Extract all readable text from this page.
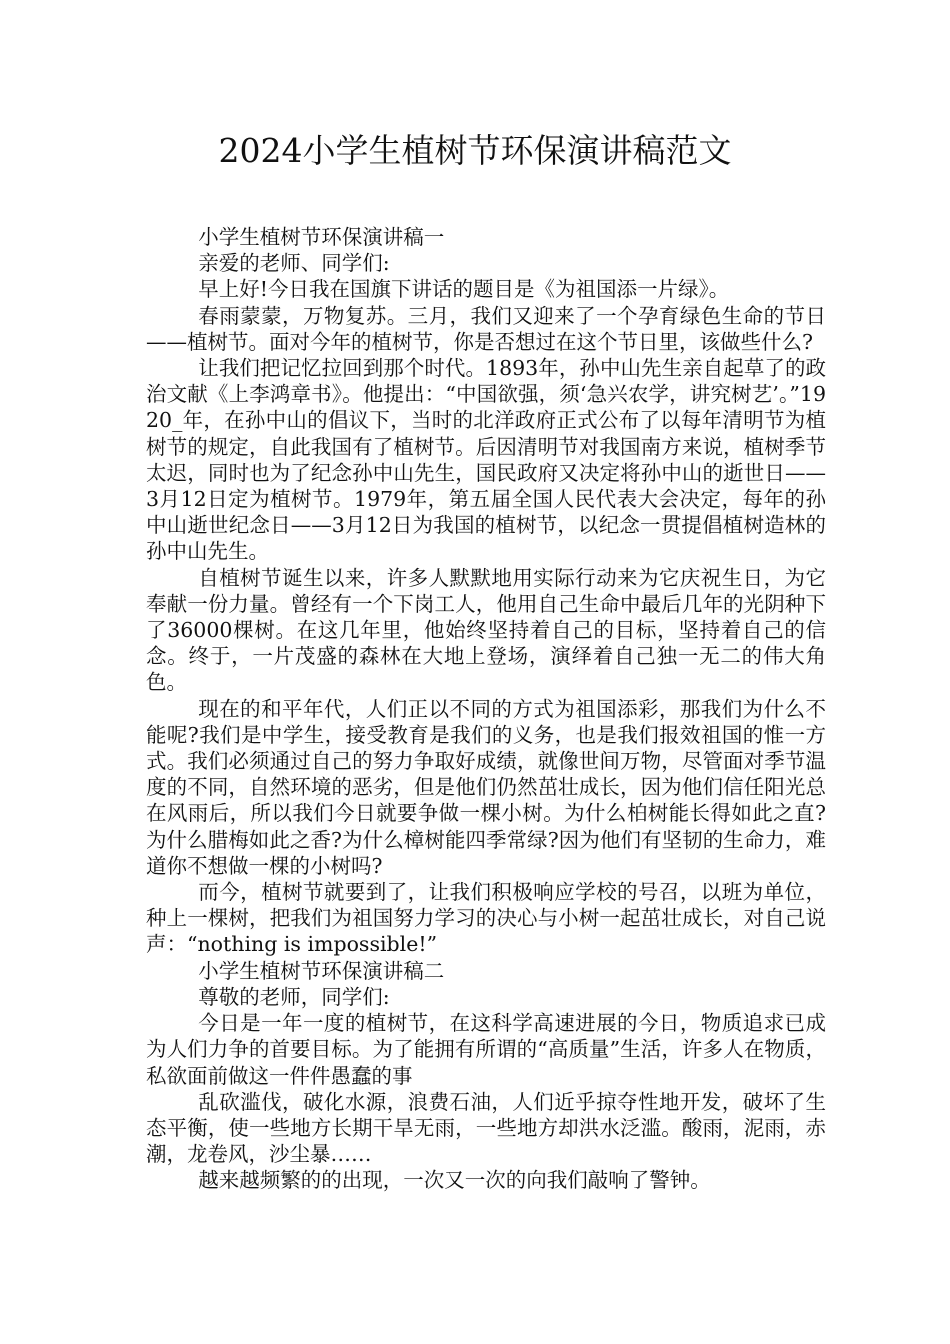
2024小学生植树节环保演讲稿范文

小学生植树节环保演讲稿一

亲爱的老师、同学们:

早上好!今日我在国旗下讲话的题目是《为祖国添一片绿》。

春雨蒙蒙，万物复苏。三月，我们又迎来了一个孕育绿色生命的节日——植树节。面对今年的植树节，你是否想过在这个节日里，该做些什么?

让我们把记忆拉回到那个时代。1893年，孙中山先生亲自起草了的政治文献《上李鸿章书》。他提出：“中国欲强，须‘急兴农学，讲究树艺’。”1920_年，在孙中山的倡议下，当时的北洋政府正式公布了以每年清明节为植树节的规定，自此我国有了植树节。后因清明节对我国南方来说，植树季节太迟，同时也为了纪念孙中山先生，国民政府又决定将孙中山的逝世日——3月12日定为植树节。1979年，第五届全国人民代表大会决定，每年的孙中山逝世纪念日——3月12日为我国的植树节，以纪念一贯提倡植树造林的孙中山先生。

自植树节诞生以来，许多人默默地用实际行动来为它庆祝生日，为它奉献一份力量。曾经有一个下岗工人，他用自己生命中最后几年的光阴种下了36000棵树。在这几年里，他始终坚持着自己的目标，坚持着自己的信念。终于，一片茂盛的森林在大地上登场，演绎着自己独一无二的伟大角色。

现在的和平年代，人们正以不同的方式为祖国添彩，那我们为什么不能呢?我们是中学生，接受教育是我们的义务，也是我们报效祖国的惟一方式。我们必须通过自己的努力争取好成绩，就像世间万物，尽管面对季节温度的不同，自然环境的恶劣，但是他们仍然茁壮成长，因为他们信任阳光总在风雨后，所以我们今日就要争做一棵小树。为什么柏树能长得如此之直?为什么腊梅如此之香?为什么樟树能四季常绿?因为他们有坚韧的生命力，难道你不想做一棵的小树吗?

而今，植树节就要到了，让我们积极响应学校的号召，以班为单位，种上一棵树，把我们为祖国努力学习的决心与小树一起茁壮成长，对自己说声：“nothing is impossible!”

小学生植树节环保演讲稿二

尊敬的老师，同学们:

今日是一年一度的植树节，在这科学高速进展的今日，物质追求已成为人们力争的首要目标。为了能拥有所谓的“高质量”生活，许多人在物质，私欲面前做这一件件愚蠢的事

乱砍滥伐，破化水源，浪费石油，人们近乎掠夺性地开发，破坏了生态平衡，使一些地方长期干旱无雨，一些地方却洪水泛滥。酸雨，泥雨，赤潮，龙卷风，沙尘暴……

越来越频繁的的出现，一次又一次的向我们敲响了警钟。
